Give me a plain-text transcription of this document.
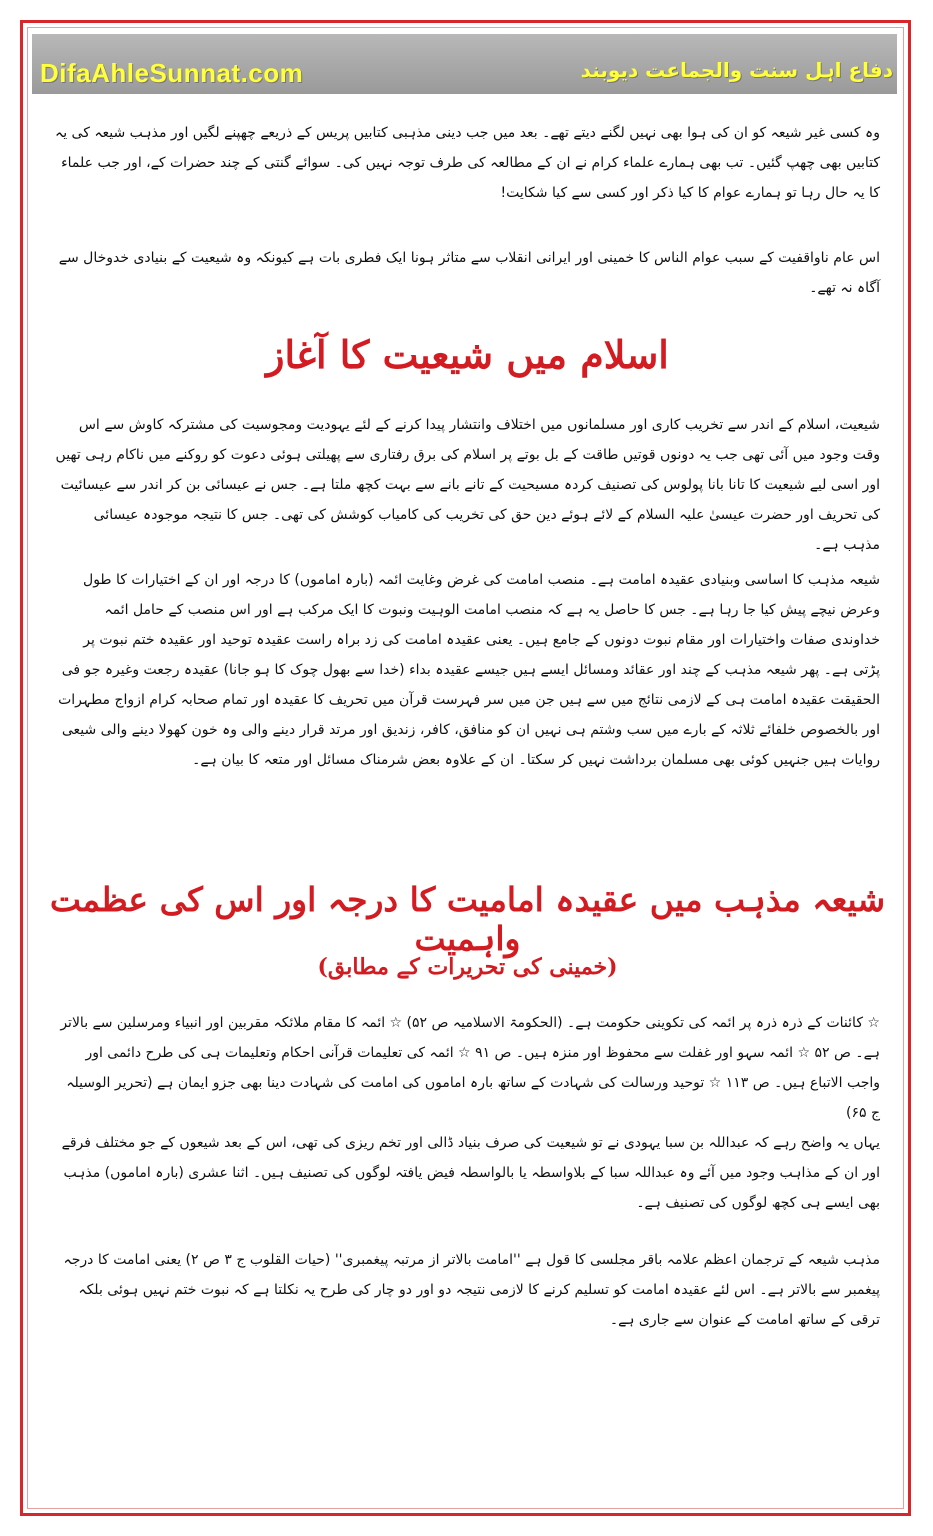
DifaAhleSunnat.com	دفاع اہل سنت والجماعت دیوبند
وہ کسی غیر شیعہ کو ان کی ہوا بھی نہیں لگنے دیتے تھے۔ بعد میں جب دینی مذہبی کتابیں پریس کے ذریعے چھپنے لگیں اور مذہب شیعہ کی یہ کتابیں بھی چھپ گئیں۔ تب بھی ہمارے علماء کرام نے ان کے مطالعہ کی طرف توجہ نہیں کی۔ سوائے گنتی کے چند حضرات کے، اور جب علماء کا یہ حال رہا تو ہمارے عوام کا کیا ذکر اور کسی سے کیا شکایت!
اس عام ناواقفیت کے سبب عوام الناس کا خمینی اور ایرانی انقلاب سے متاثر ہونا ایک فطری بات ہے کیونکہ وہ شیعیت کے بنیادی خدوخال سے آگاہ نہ تھے۔
اسلام میں شیعیت کا آغاز
شیعیت، اسلام کے اندر سے تخریب کاری اور مسلمانوں میں اختلاف وانتشار پیدا کرنے کے لئے یہودیت ومجوسیت کی مشترکہ کاوش سے اس وقت وجود میں آئی تھی جب یہ دونوں قوتیں طاقت کے بل بوتے پر اسلام کی برق رفتاری سے پھیلتی ہوئی دعوت کو روکنے میں ناکام رہی تھیں اور اسی لیے شیعیت کا تانا بانا پولوس کی تصنیف کردہ مسیحیت کے تانے بانے سے بہت کچھ ملتا ہے۔ جس نے عیسائی بن کر اندر سے عیسائیت کی تحریف اور حضرت عیسیٰ علیہ السلام کے لائے ہوئے دین حق کی تخریب کی کامیاب کوشش کی تھی۔ جس کا نتیجہ موجودہ عیسائی مذہب ہے۔
شیعہ مذہب کا اساسی وبنیادی عقیدہ امامت ہے۔ منصب امامت کی غرض وغایت ائمہ (بارہ اماموں) کا درجہ اور ان کے اختیارات کا طول وعرض نیچے پیش کیا جا رہا ہے۔ جس کا حاصل یہ ہے کہ منصب امامت الوہیت ونبوت کا ایک مرکب ہے اور اس منصب کے حامل ائمہ خداوندی صفات واختیارات اور مقام نبوت دونوں کے جامع ہیں۔ یعنی عقیدہ امامت کی زد براہ راست عقیدہ توحید اور عقیدہ ختم نبوت پر پڑتی ہے۔ پھر شیعہ مذہب کے چند اور عقائد ومسائل ایسے ہیں جیسے عقیدہ بداء (خدا سے بھول چوک کا ہو جانا) عقیدہ رجعت وغیرہ جو فی الحقیقت عقیدہ امامت ہی کے لازمی نتائج میں سے ہیں جن میں سر فہرست قرآن میں تحریف کا عقیدہ اور تمام صحابہ کرام ازواج مطہرات اور بالخصوص خلفائے ثلاثہ کے بارے میں سب وشتم ہی نہیں ان کو منافق، کافر، زندیق اور مرتد قرار دینے والی وہ خون کھولا دینے والی شیعی روایات ہیں جنہیں کوئی بھی مسلمان برداشت نہیں کر سکتا۔ ان کے علاوہ بعض شرمناک مسائل اور متعہ کا بیان ہے۔
شیعہ مذہب میں عقیدہ امامیت کا درجہ اور اس کی عظمت واہمیت
(خمینی کی تحریرات کے مطابق)
☆ کائنات کے ذرہ ذرہ پر ائمہ کی تکوینی حکومت ہے۔ (الحکومۃ الاسلامیہ ص ۵۲) ☆ ائمہ کا مقام ملائکہ مقربین اور انبیاء ومرسلین سے بالاتر ہے۔ ص ۵۲ ☆ ائمہ سہو اور غفلت سے محفوظ اور منزہ ہیں۔ ص ۹۱ ☆ ائمہ کی تعلیمات قرآنی احکام وتعلیمات ہی کی طرح دائمی اور واجب الاتباع ہیں۔ ص ۱۱۳ ☆ توحید ورسالت کی شہادت کے ساتھ بارہ اماموں کی امامت کی شہادت دینا بھی جزو ایمان ہے (تحریر الوسیلہ ج ۶۵)
یہاں یہ واضح رہے کہ عبداللہ بن سبا یہودی نے تو شیعیت کی صرف بنیاد ڈالی اور تخم ریزی کی تھی، اس کے بعد شیعوں کے جو مختلف فرقے اور ان کے مذاہب وجود میں آئے وہ عبداللہ سبا کے بلاواسطہ یا بالواسطہ فیض یافتہ لوگوں کی تصنیف ہیں۔ اثنا عشری (بارہ اماموں) مذہب بھی ایسے ہی کچھ لوگوں کی تصنیف ہے۔
مذہب شیعہ کے ترجمان اعظم علامہ باقر مجلسی کا قول ہے ''امامت بالاتر از مرتبہ پیغمبری'' (حیات القلوب ج ۳ ص ۲) یعنی امامت کا درجہ پیغمبر سے بالاتر ہے۔ اس لئے عقیدہ امامت کو تسلیم کرنے کا لازمی نتیجہ دو اور دو چار کی طرح یہ نکلتا ہے کہ نبوت ختم نہیں ہوئی بلکہ ترقی کے ساتھ امامت کے عنوان سے جاری ہے۔
